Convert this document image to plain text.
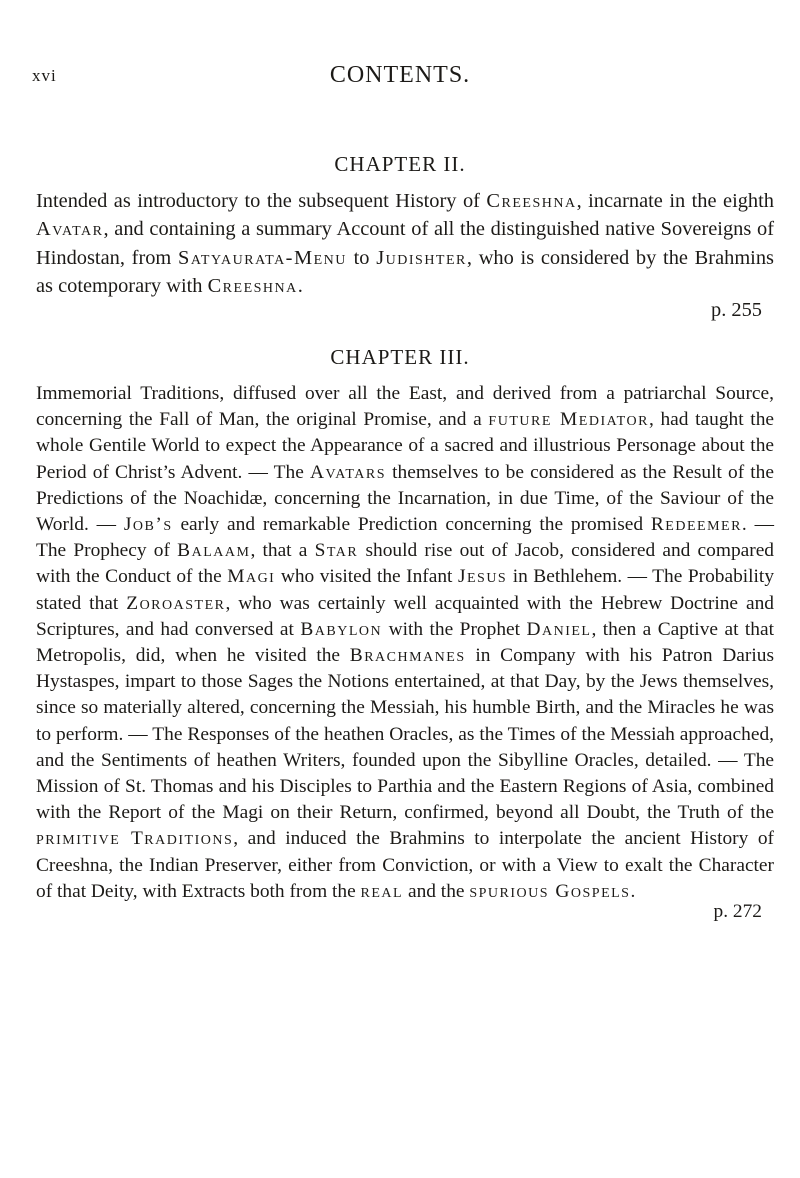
xvi	CONTENTS.
CHAPTER II.
Intended as introductory to the subsequent History of Creeshna, incarnate in the eighth Avatar, and containing a summary Account of all the distinguished native Sovereigns of Hindostan, from Satyaurata-Menu to Judishter, who is considered by the Brahmins as cotemporary with Creeshna.
p. 255
CHAPTER III.
Immemorial Traditions, diffused over all the East, and derived from a patriarchal Source, concerning the Fall of Man, the original Promise, and a future Mediator, had taught the whole Gentile World to expect the Appearance of a sacred and illustrious Personage about the Period of Christ’s Advent. — The Avatars themselves to be considered as the Result of the Predictions of the Noachidæ, concerning the Incarnation, in due Time, of the Saviour of the World. — Job’s early and remarkable Prediction concerning the promised Redeemer. — The Prophecy of Balaam, that a Star should rise out of Jacob, considered and compared with the Conduct of the Magi who visited the Infant Jesus in Bethlehem. — The Probability stated that Zoroaster, who was certainly well acquainted with the Hebrew Doctrine and Scriptures, and had conversed at Babylon with the Prophet Daniel, then a Captive at that Metropolis, did, when he visited the Brachmanes in Company with his Patron Darius Hystaspes, impart to those Sages the Notions entertained, at that Day, by the Jews themselves, since so materially altered, concerning the Messiah, his humble Birth, and the Miracles he was to perform. — The Responses of the heathen Oracles, as the Times of the Messiah approached, and the Sentiments of heathen Writers, founded upon the Sibylline Oracles, detailed. — The Mission of St. Thomas and his Disciples to Parthia and the Eastern Regions of Asia, combined with the Report of the Magi on their Return, confirmed, beyond all Doubt, the Truth of the primitive Traditions, and induced the Brahmins to interpolate the ancient History of Creeshna, the Indian Preserver, either from Conviction, or with a View to exalt the Character of that Deity, with Extracts both from the real and the spurious Gospels.
p. 272
